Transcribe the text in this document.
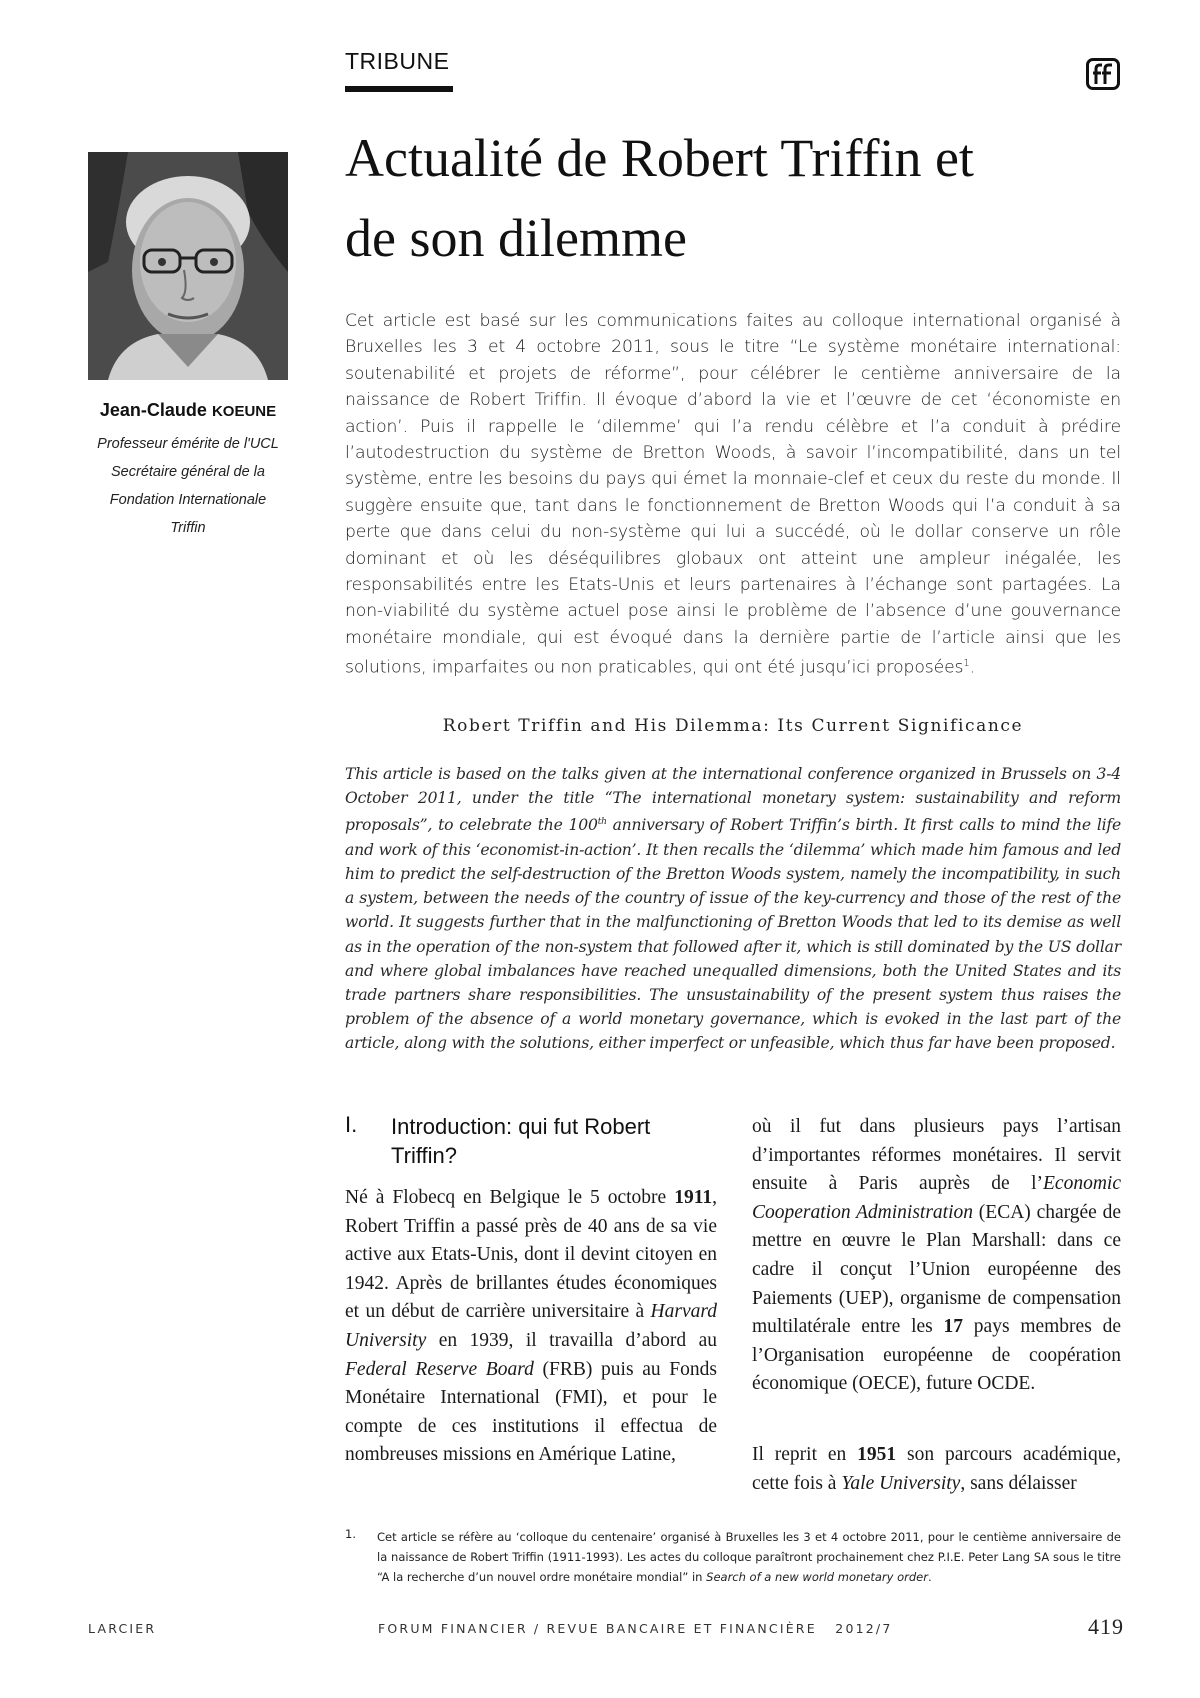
TRIBUNE
Actualité de Robert Triffin et
de son dilemme
Jean-Claude KOEUNE
Professeur émérite de l'UCL
Secrétaire général de la
Fondation Internationale
Triffin

Cet article est basé sur les communications faites au colloque international organisé à Bruxelles les 3 et 4 octobre 2011, sous le titre “Le système monétaire international: soutenabilité et projets de réforme”, pour célébrer le centième anniversaire de la naissance de Robert Triffin. Il évoque d’abord la vie et l’œuvre de cet ‘économiste en action’. Puis il rappelle le ‘dilemme’ qui l’a rendu célèbre et l’a conduit à prédire l’autodestruction du système de Bretton Woods, à savoir l’incompatibilité, dans un tel système, entre les besoins du pays qui émet la monnaie-clef et ceux du reste du monde. Il suggère ensuite que, tant dans le fonctionnement de Bretton Woods qui l’a conduit à sa perte que dans celui du non-système qui lui a succédé, où le dollar conserve un rôle dominant et où les déséquilibres globaux ont atteint une ampleur inégalée, les responsabilités entre les Etats-Unis et leurs partenaires à l’échange sont partagées. La non-viabilité du système actuel pose ainsi le problème de l’absence d’une gouvernance monétaire mondiale, qui est évoqué dans la dernière partie de l’article ainsi que les solutions, imparfaites ou non praticables, qui ont été jusqu’ici proposées$^1$.

Robert Triffin and His Dilemma: Its Current Significance

This article is based on the talks given at the international conference organized in Brussels on 3-4 October 2011, under the title “The international monetary system: sustainability and reform proposals”, to celebrate the 100th anniversary of Robert Triffin’s birth. It first calls to mind the life and work of this ‘economist-in-action’. It then recalls the ‘dilemma’ which made him famous and led him to predict the self-destruction of the Bretton Woods system, namely the incompatibility, in such a system, between the needs of the country of issue of the key-currency and those of the rest of the world. It suggests further that in the malfunctioning of Bretton Woods that led to its demise as well as in the operation of the non-system that followed after it, which is still dominated by the US dollar and where global imbalances have reached unequalled dimensions, both the United States and its trade partners share responsibilities. The unsustainability of the present system thus raises the problem of the absence of a world monetary governance, which is evoked in the last part of the article, along with the solutions, either imperfect or unfeasible, which thus far have been proposed.

I. Introduction: qui fut Robert Triffin?

Né à Flobecq en Belgique le 5 octobre 1911, Robert Triffin a passé près de 40 ans de sa vie active aux Etats-Unis, dont il devint citoyen en 1942. Après de brillantes études économiques et un début de carrière universitaire à Harvard University en 1939, il travailla d’abord au Federal Reserve Board (FRB) puis au Fonds Monétaire International (FMI), et pour le compte de ces institutions il effectua de nombreuses missions en Amérique Latine,

où il fut dans plusieurs pays l’artisan d’importantes réformes monétaires. Il servit ensuite à Paris auprès de l’Economic Cooperation Administration (ECA) chargée de mettre en œuvre le Plan Marshall: dans ce cadre il conçut l’Union européenne des Paiements (UEP), organisme de compensation multilatérale entre les 17 pays membres de l’Organisation européenne de coopération économique (OECE), future OCDE.

Il reprit en 1951 son parcours académique, cette fois à Yale University, sans délaisser

1. Cet article se réfère au ‘colloque du centenaire’ organisé à Bruxelles les 3 et 4 octobre 2011, pour le centième anniversaire de la naissance de Robert Triffin (1911-1993). Les actes du colloque paraîtront prochainement chez P.I.E. Peter Lang SA sous le titre “A la recherche d’un nouvel ordre monétaire mondial” in Search of a new world monetary order.

LARCIER	FORUM FINANCIER / REVUE BANCAIRE ET FINANCIÈRE   2012/7	419
